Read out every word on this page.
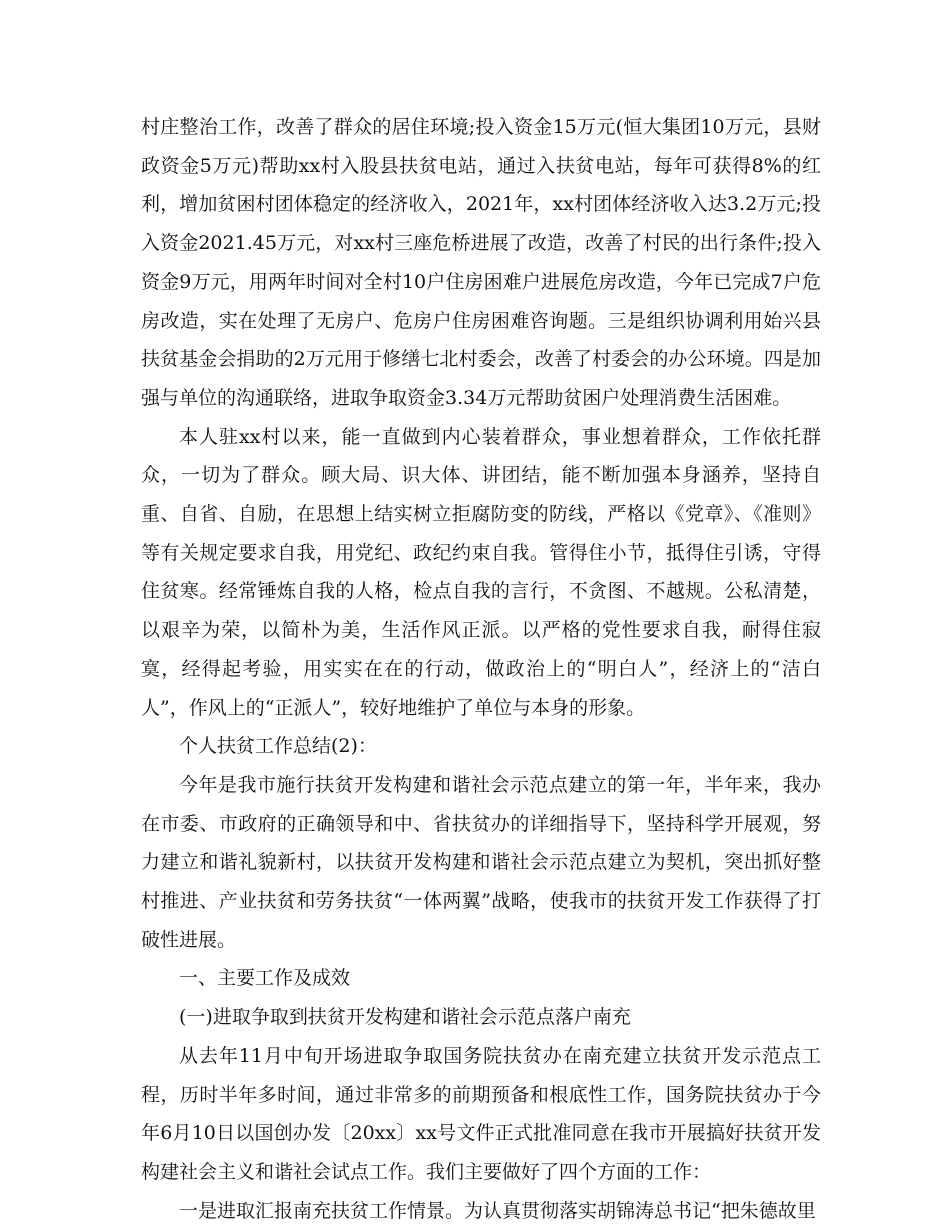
村庄整治工作，改善了群众的居住环境;投入资金15万元(恒大集团10万元，县财政资金5万元)帮助xx村入股县扶贫电站，通过入扶贫电站，每年可获得8%的红利，增加贫困村团体稳定的经济收入，2021年，xx村团体经济收入达3.2万元;投入资金2021.45万元，对xx村三座危桥进展了改造，改善了村民的出行条件;投入资金9万元，用两年时间对全村10户住房困难户进展危房改造，今年已完成7户危房改造，实在处理了无房户、危房户住房困难咨询题。三是组织协调利用始兴县扶贫基金会捐助的2万元用于修缮七北村委会，改善了村委会的办公环境。四是加强与单位的沟通联络，进取争取资金3.34万元帮助贫困户处理消费生活困难。

本人驻xx村以来，能一直做到内心装着群众，事业想着群众，工作依托群众，一切为了群众。顾大局、识大体、讲团结，能不断加强本身涵养，坚持自重、自省、自励，在思想上结实树立拒腐防变的防线，严格以《党章》、《准则》等有关规定要求自我，用党纪、政纪约束自我。管得住小节，抵得住引诱，守得住贫寒。经常锤炼自我的人格，检点自我的言行，不贪图、不越规。公私清楚，以艰辛为荣，以简朴为美，生活作风正派。以严格的党性要求自我，耐得住寂寞，经得起考验，用实实在在的行动，做政治上的“明白人”，经济上的“洁白人”，作风上的“正派人”，较好地维护了单位与本身的形象。

个人扶贫工作总结(2)：

今年是我市施行扶贫开发构建和谐社会示范点建立的第一年，半年来，我办在市委、市政府的正确领导和中、省扶贫办的详细指导下，坚持科学开展观，努力建立和谐礼貌新村，以扶贫开发构建和谐社会示范点建立为契机，突出抓好整村推进、产业扶贫和劳务扶贫“一体两翼”战略，使我市的扶贫开发工作获得了打破性进展。

一、主要工作及成效

(一)进取争取到扶贫开发构建和谐社会示范点落户南充

从去年11月中旬开场进取争取国务院扶贫办在南充建立扶贫开发示范点工程，历时半年多时间，通过非常多的前期预备和根底性工作，国务院扶贫办于今年6月10日以国创办发〔20xx〕xx号文件正式批准同意在我市开展搞好扶贫开发构建社会主义和谐社会试点工作。我们主要做好了四个方面的工作：

一是进取汇报南充扶贫工作情景。为认真贯彻落实胡锦涛总书记“把朱德故里
